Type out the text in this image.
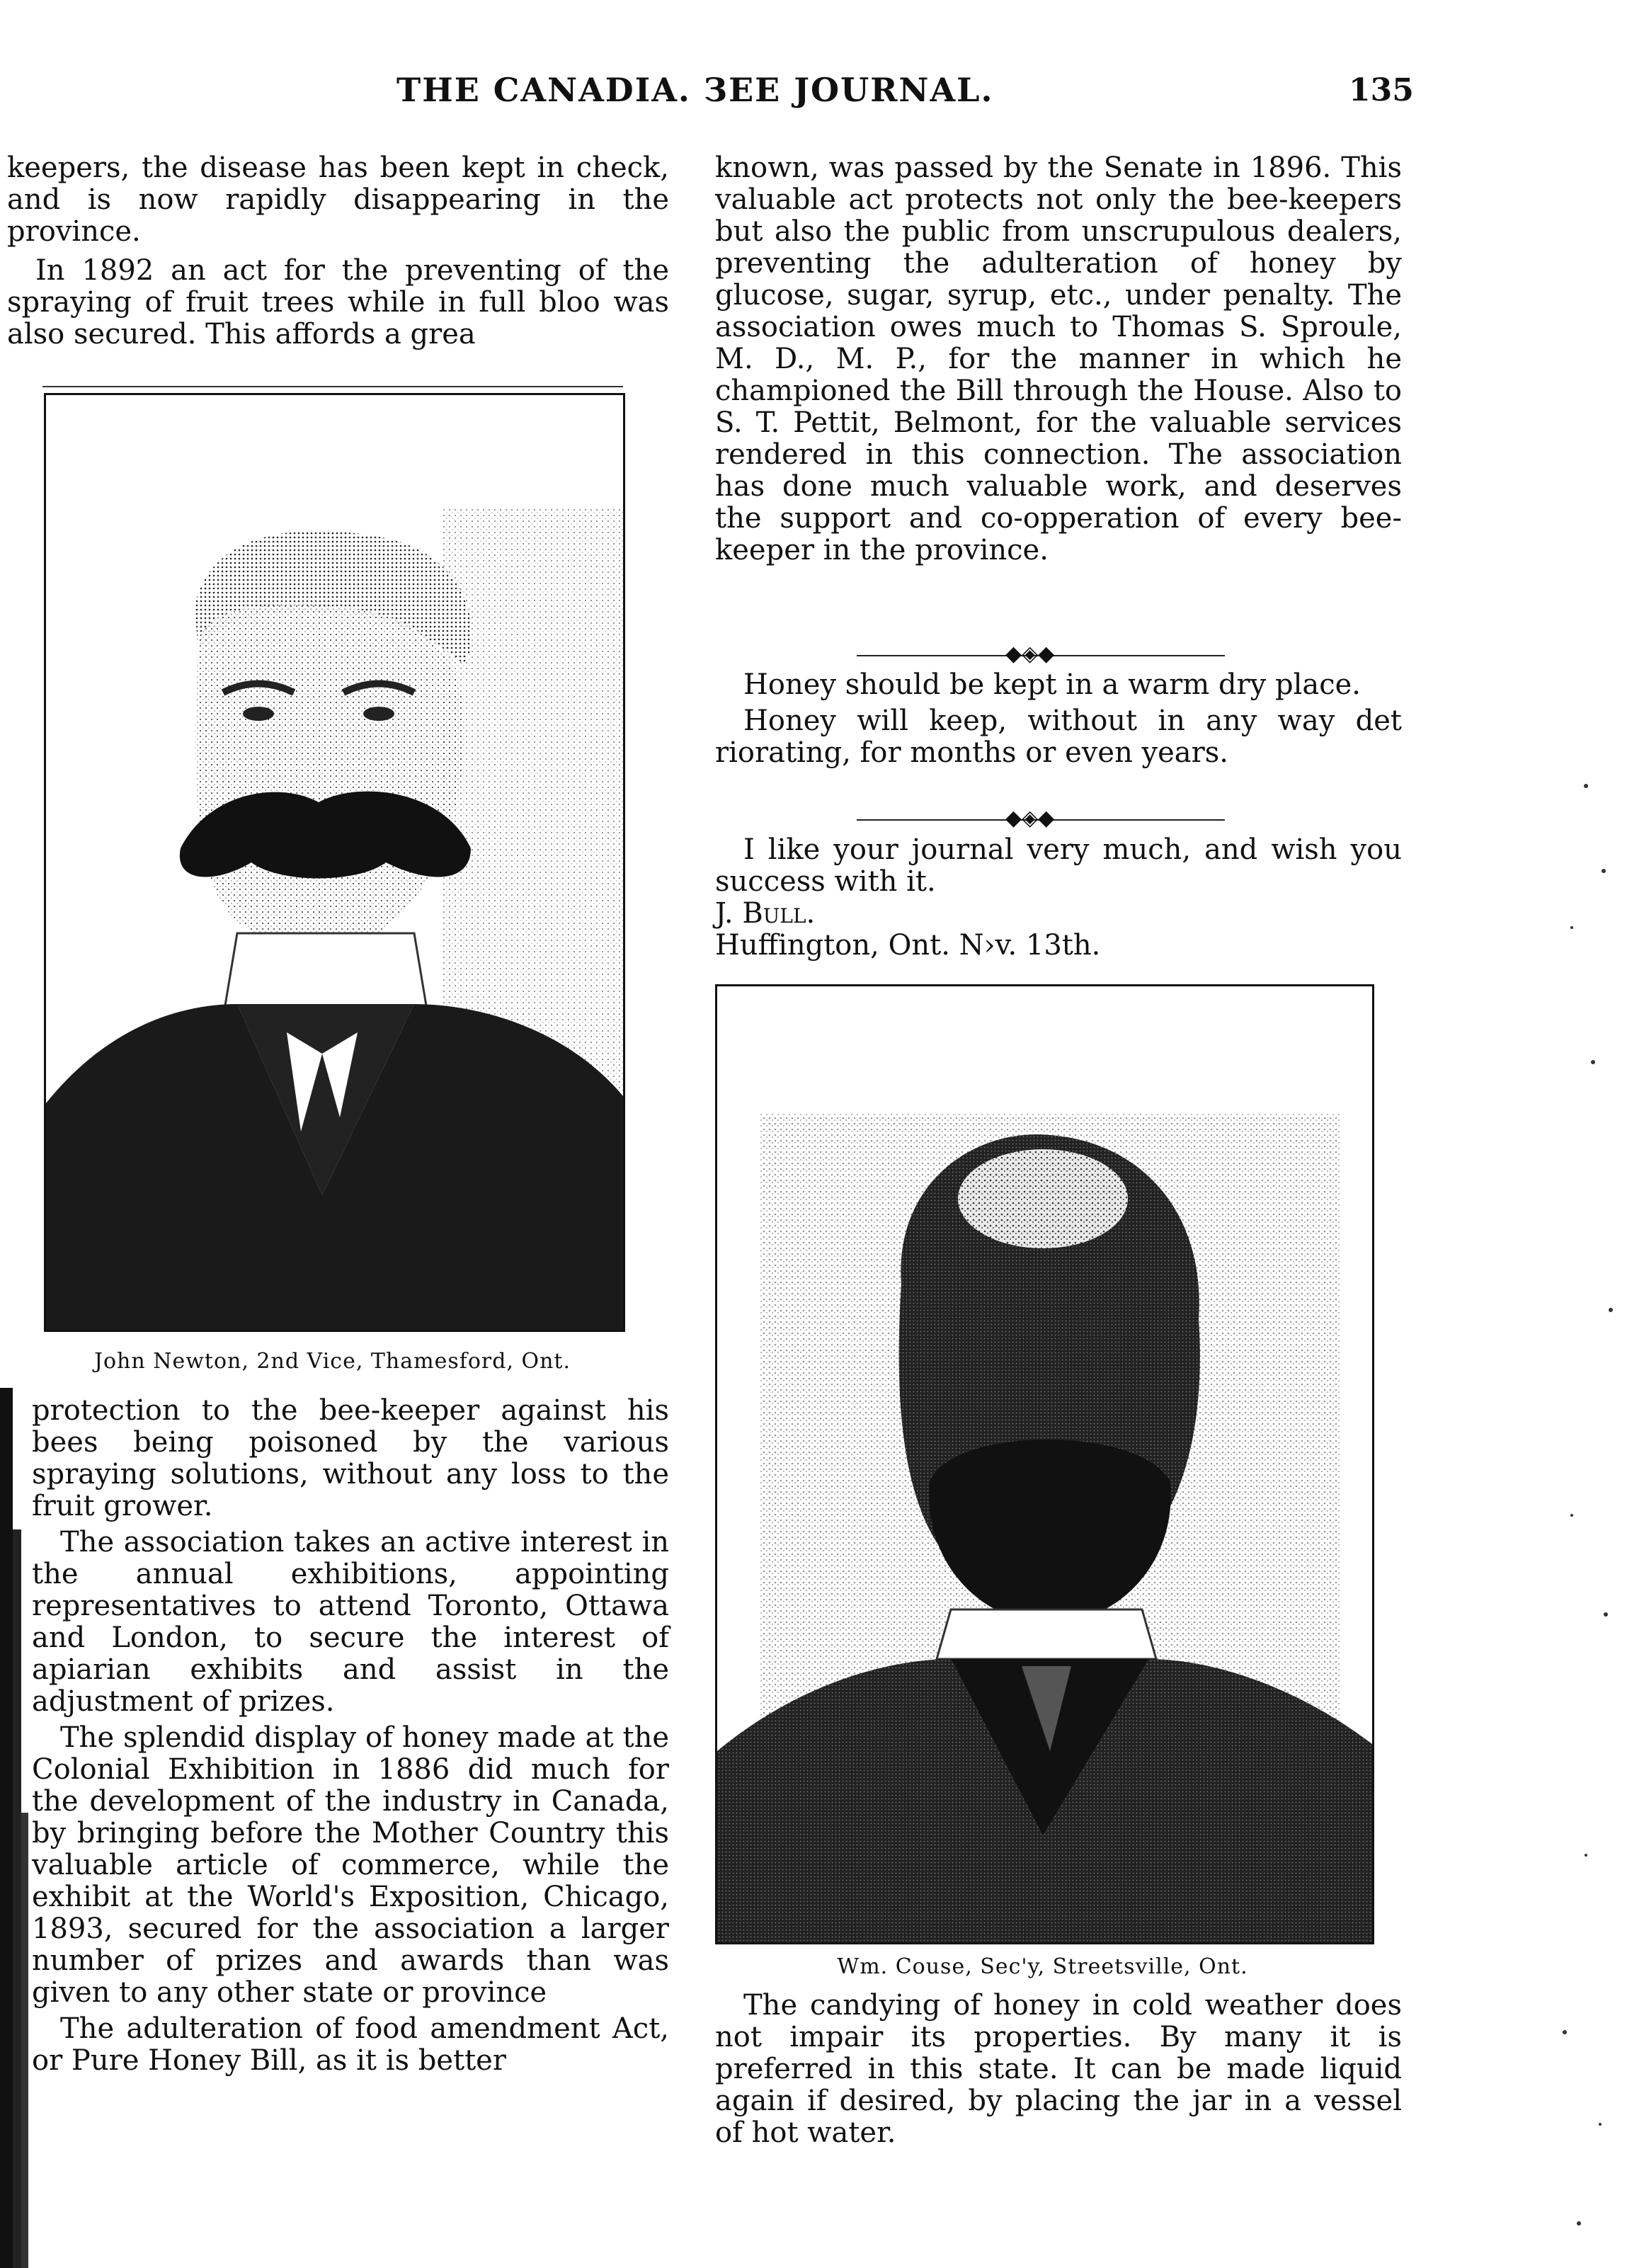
THE CANADIA. ЗEE JOURNAL.	135

keepers, the disease has been kept in check, and is now rapidly disappearing in the province.

In 1892 an act for the preventing of the spraying of fruit trees while in full bloo was also secured. This affords a grea

John Newton, 2nd Vice, Thamesford, Ont.

protection to the bee-keeper against his bees being poisoned by the various spraying solutions, without any loss to the fruit grower.

The association takes an active interest in the annual exhibitions, appointing representatives to attend Toronto, Ottawa and London, to secure the interest of apiarian exhibits and assist in the adjustment of prizes.

The splendid display of honey made at the Colonial Exhibition in 1886 did much for the development of the industry in Canada, by bringing before the Mother Country this valuable article of commerce, while the exhibit at the World's Exposition, Chicago, 1893, secured for the association a larger number of prizes and awards than was given to any other state or province

The adulteration of food amendment Act, or Pure Honey Bill, as it is better

known, was passed by the Senate in 1896. This valuable act protects not only the bee-keepers but also the public from unscrupulous dealers, preventing the adulteration of honey by glucose, sugar, syrup, etc., under penalty. The association owes much to Thomas S. Sproule, M. D., M. P., for the manner in which he championed the Bill through the House. Also to S. T. Pettit, Belmont, for the valuable services rendered in this connection. The association has done much valuable work, and deserves the support and co-opperation of every bee-keeper in the province.

◆◈◆

Honey should be kept in a warm dry place.

Honey will keep, without in any way det riorating, for months or even years.

◆◈◆

I like your journal very much, and wish you success with it.

J. Bull.

Huffington, Ont. N›v. 13th.

Wm. Couse, Sec'y, Streetsville, Ont.

The candying of honey in cold weather does not impair its properties. By many it is preferred in this state. It can be made liquid again if desired, by placing the jar in a vessel of hot water.
